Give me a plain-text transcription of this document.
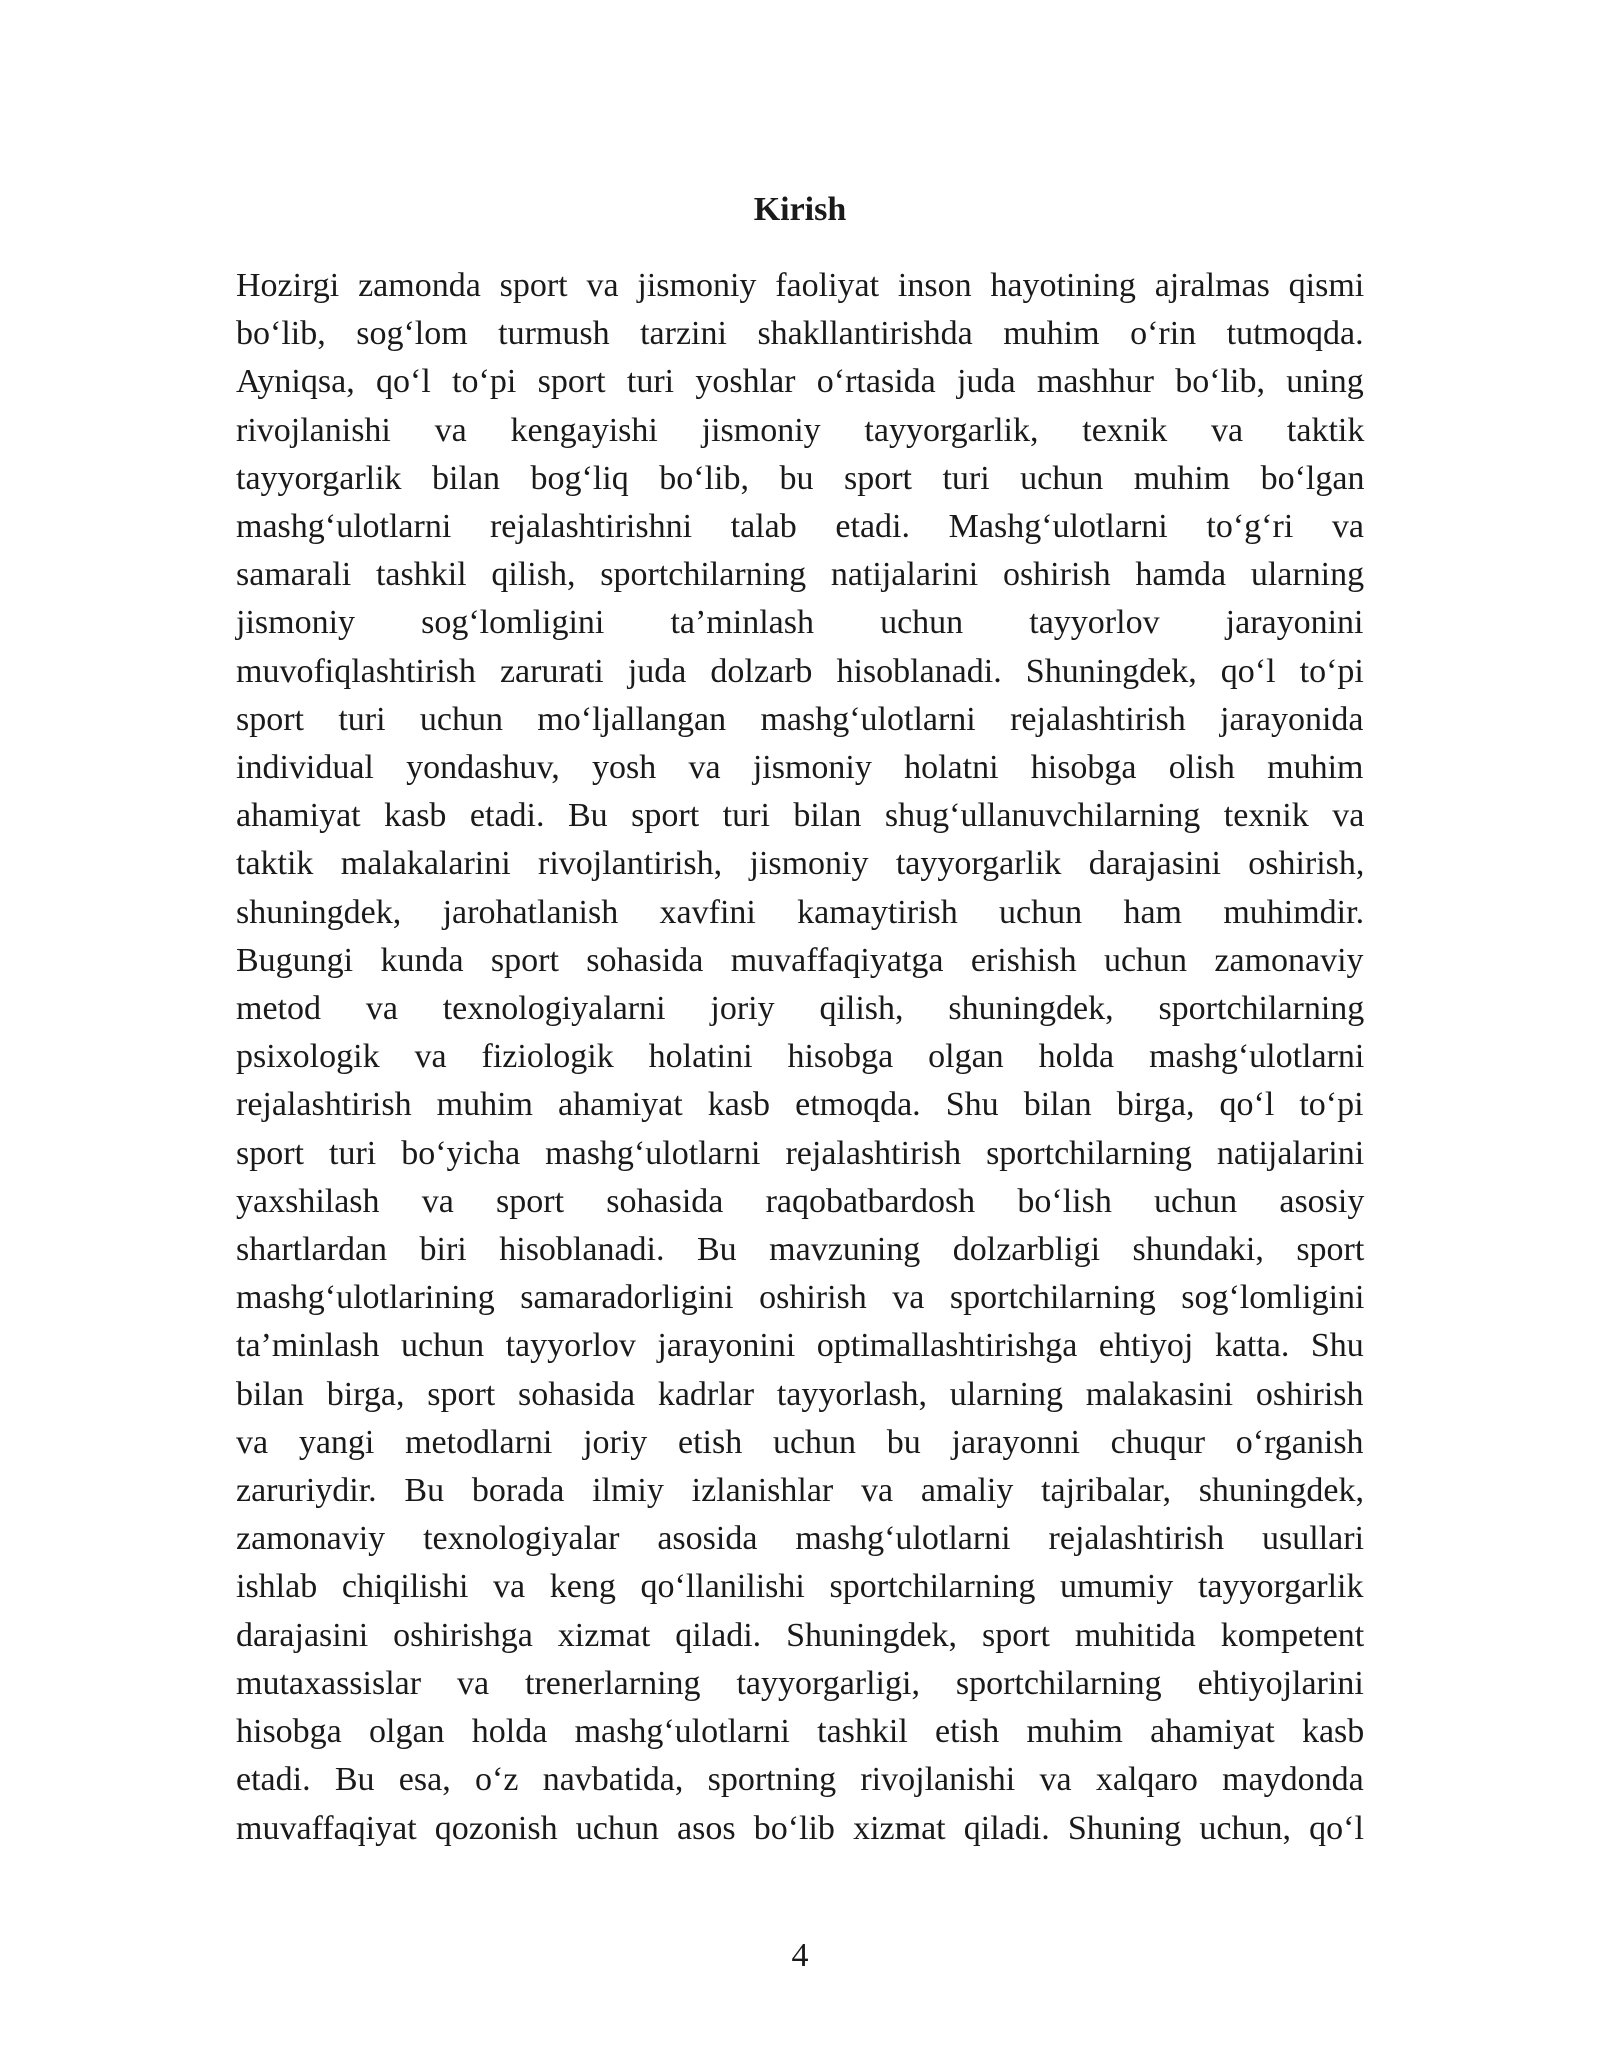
Kirish

Hozirgi zamonda sport va jismoniy faoliyat inson hayotining ajralmas qismi
bo‘lib, sog‘lom turmush tarzini shakllantirishda muhim o‘rin tutmoqda.
Ayniqsa, qo‘l to‘pi sport turi yoshlar o‘rtasida juda mashhur bo‘lib, uning
rivojlanishi va kengayishi jismoniy tayyorgarlik, texnik va taktik
tayyorgarlik bilan bog‘liq bo‘lib, bu sport turi uchun muhim bo‘lgan
mashg‘ulotlarni rejalashtirishni talab etadi. Mashg‘ulotlarni to‘g‘ri va
samarali tashkil qilish, sportchilarning natijalarini oshirish hamda ularning
jismoniy sog‘lomligini ta’minlash uchun tayyorlov jarayonini
muvofiqlashtirish zarurati juda dolzarb hisoblanadi. Shuningdek, qo‘l to‘pi
sport turi uchun mo‘ljallangan mashg‘ulotlarni rejalashtirish jarayonida
individual yondashuv, yosh va jismoniy holatni hisobga olish muhim
ahamiyat kasb etadi. Bu sport turi bilan shug‘ullanuvchilarning texnik va
taktik malakalarini rivojlantirish, jismoniy tayyorgarlik darajasini oshirish,
shuningdek, jarohatlanish xavfini kamaytirish uchun ham muhimdir.
Bugungi kunda sport sohasida muvaffaqiyatga erishish uchun zamonaviy
metod va texnologiyalarni joriy qilish, shuningdek, sportchilarning
psixologik va fiziologik holatini hisobga olgan holda mashg‘ulotlarni
rejalashtirish muhim ahamiyat kasb etmoqda. Shu bilan birga, qo‘l to‘pi
sport turi bo‘yicha mashg‘ulotlarni rejalashtirish sportchilarning natijalarini
yaxshilash va sport sohasida raqobatbardosh bo‘lish uchun asosiy
shartlardan biri hisoblanadi. Bu mavzuning dolzarbligi shundaki, sport
mashg‘ulotlarining samaradorligini oshirish va sportchilarning sog‘lomligini
ta’minlash uchun tayyorlov jarayonini optimallashtirishga ehtiyoj katta. Shu
bilan birga, sport sohasida kadrlar tayyorlash, ularning malakasini oshirish
va yangi metodlarni joriy etish uchun bu jarayonni chuqur o‘rganish
zaruriydir. Bu borada ilmiy izlanishlar va amaliy tajribalar, shuningdek,
zamonaviy texnologiyalar asosida mashg‘ulotlarni rejalashtirish usullari
ishlab chiqilishi va keng qo‘llanilishi sportchilarning umumiy tayyorgarlik
darajasini oshirishga xizmat qiladi. Shuningdek, sport muhitida kompetent
mutaxassislar va trenerlarning tayyorgarligi, sportchilarning ehtiyojlarini
hisobga olgan holda mashg‘ulotlarni tashkil etish muhim ahamiyat kasb
etadi. Bu esa, o‘z navbatida, sportning rivojlanishi va xalqaro maydonda
muvaffaqiyat qozonish uchun asos bo‘lib xizmat qiladi. Shuning uchun, qo‘l

4
